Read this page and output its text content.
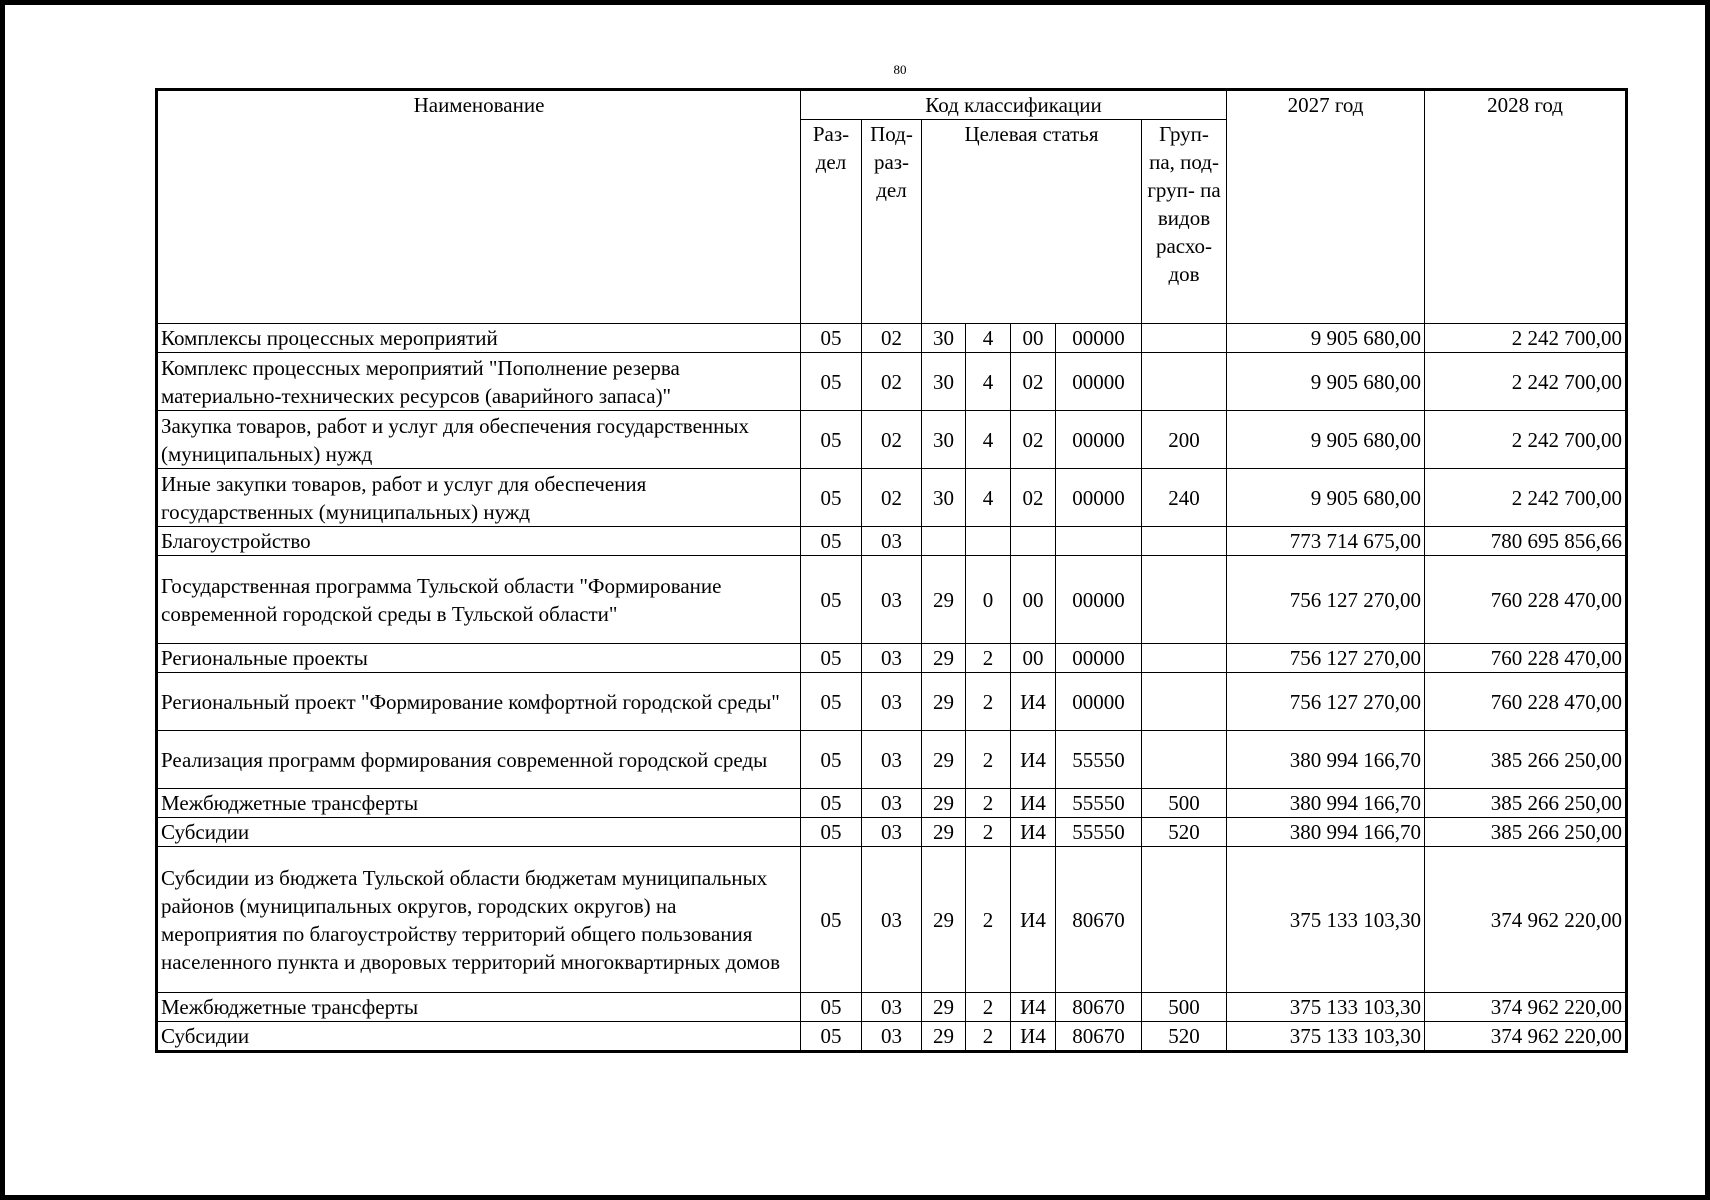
80
Наименование	Код классификации							2027 год	2028 год
	Раз- дел	Под- раз- дел	Целевая статья				Груп- па, под- груп- па видов расхо- дов		
Комплексы процессных мероприятий	05	02	30	4	00	00000		9 905 680,00	2 242 700,00
Комплекс процессных мероприятий "Пополнение резерва материально-технических ресурсов (аварийного запаса)"	05	02	30	4	02	00000		9 905 680,00	2 242 700,00
Закупка товаров, работ и услуг для обеспечения государственных (муниципальных) нужд	05	02	30	4	02	00000	200	9 905 680,00	2 242 700,00
Иные закупки товаров, работ и услуг для обеспечения государственных (муниципальных) нужд	05	02	30	4	02	00000	240	9 905 680,00	2 242 700,00
Благоустройство	05	03						773 714 675,00	780 695 856,66
Государственная программа Тульской области "Формирование современной городской среды в Тульской области"	05	03	29	0	00	00000		756 127 270,00	760 228 470,00
Региональные проекты	05	03	29	2	00	00000		756 127 270,00	760 228 470,00
Региональный проект "Формирование комфортной городской среды"	05	03	29	2	И4	00000		756 127 270,00	760 228 470,00
Реализация программ формирования современной городской среды	05	03	29	2	И4	55550		380 994 166,70	385 266 250,00
Межбюджетные трансферты	05	03	29	2	И4	55550	500	380 994 166,70	385 266 250,00
Субсидии	05	03	29	2	И4	55550	520	380 994 166,70	385 266 250,00
Субсидии из бюджета Тульской области бюджетам муниципальных районов (муниципальных округов, городских округов) на мероприятия по благоустройству территорий общего пользования населенного пункта и дворовых территорий многоквартирных домов	05	03	29	2	И4	80670		375 133 103,30	374 962 220,00
Межбюджетные трансферты	05	03	29	2	И4	80670	500	375 133 103,30	374 962 220,00
Субсидии	05	03	29	2	И4	80670	520	375 133 103,30	374 962 220,00
